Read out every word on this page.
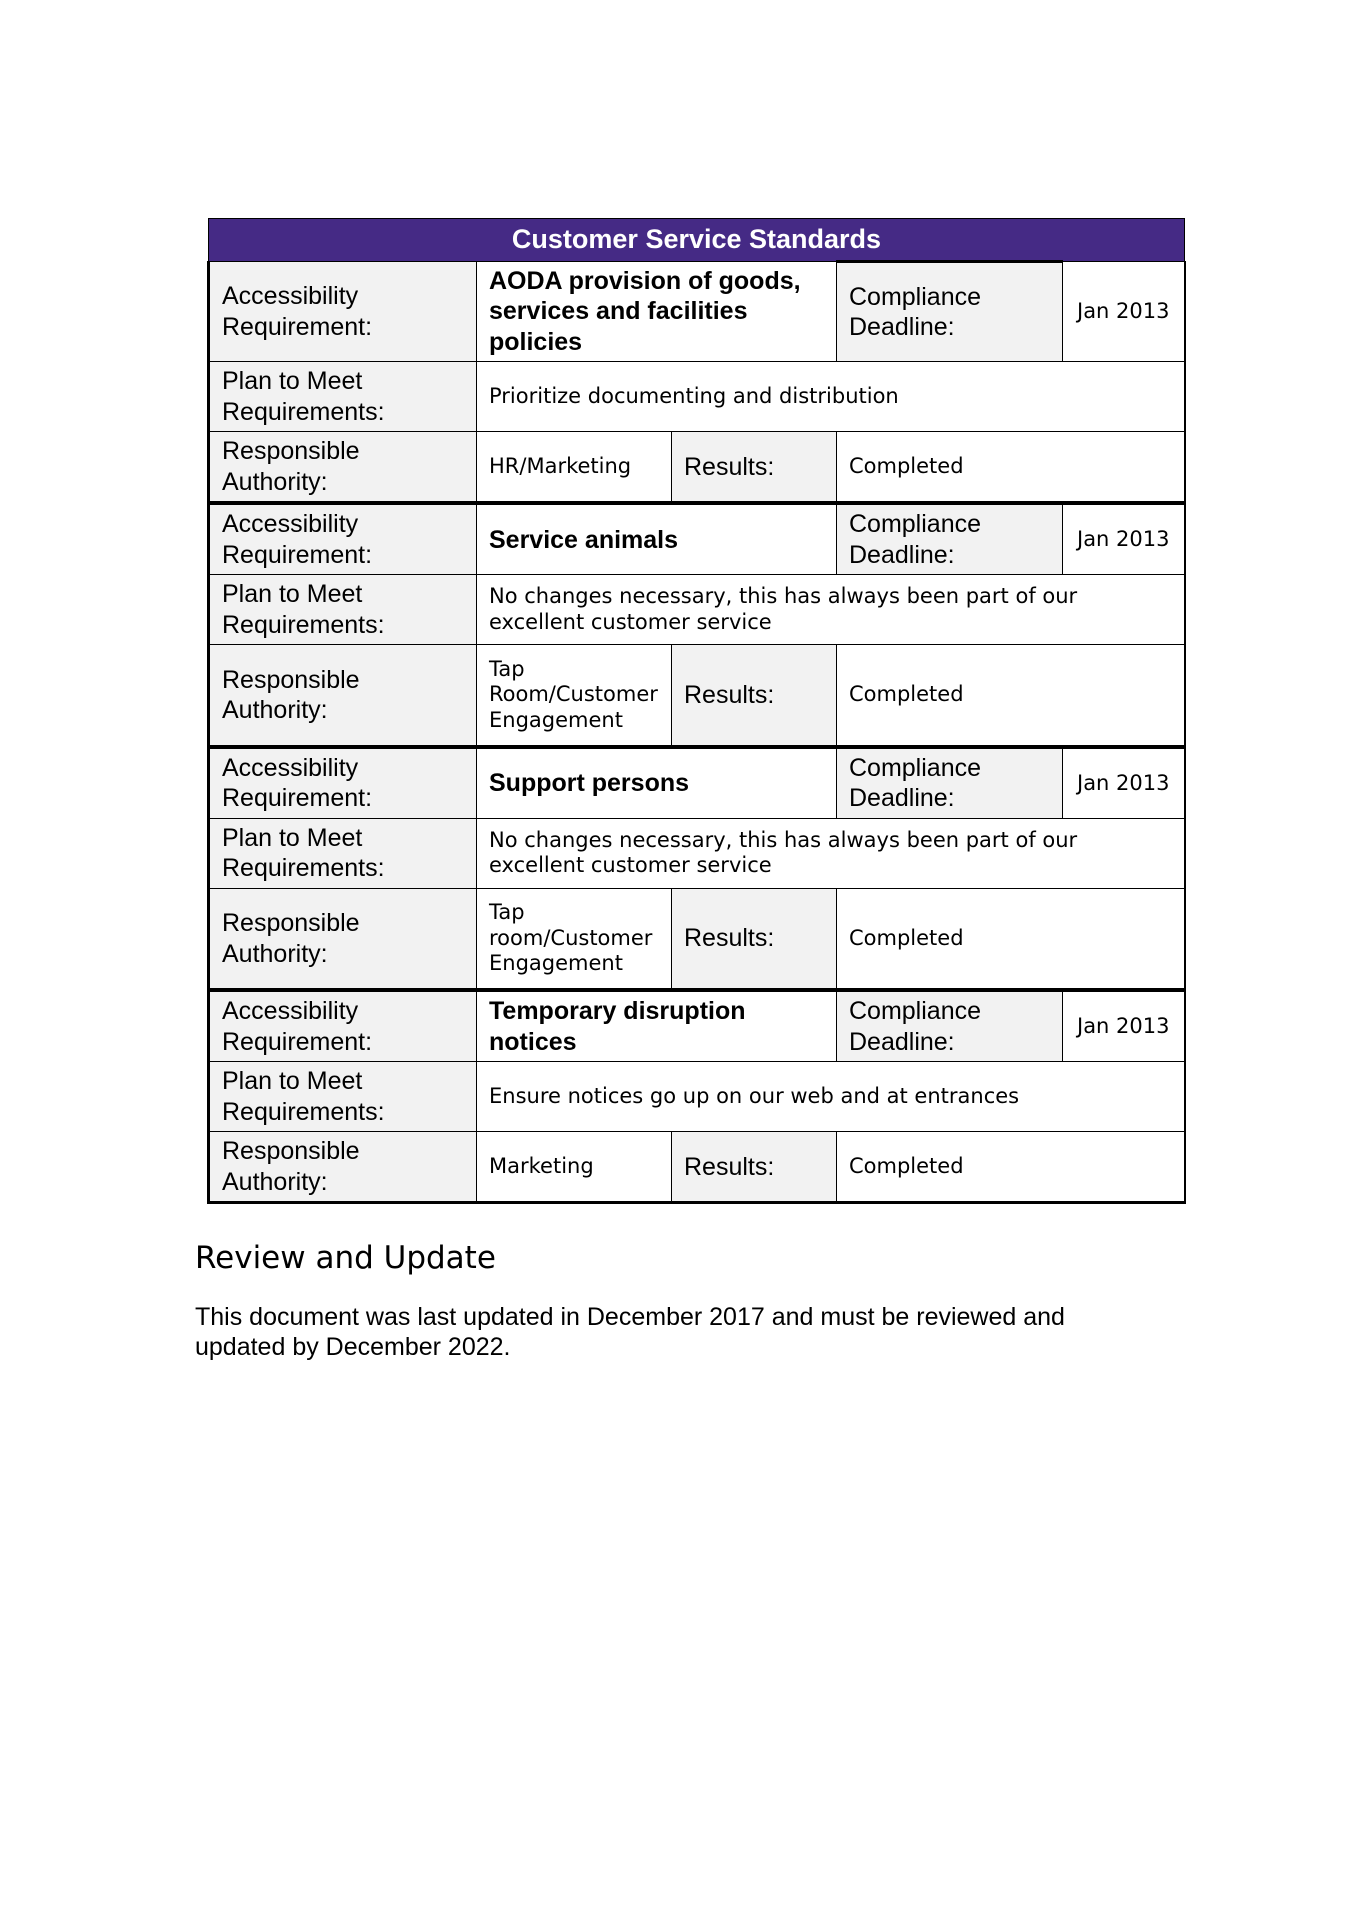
Customer Service Standards				
Accessibility Requirement:	AODA provision of goods, services and facilities policies		Compliance Deadline:	Jan 2013
Plan to Meet Requirements:	Prioritize documenting and distribution			
Responsible Authority:	HR/Marketing	Results:	Completed	
Accessibility Requirement:	Service animals		Compliance Deadline:	Jan 2013
Plan to Meet Requirements:	No changes necessary, this has always been part of our excellent customer service			
Responsible Authority:	Tap Room/Customer Engagement	Results:	Completed	
Accessibility Requirement:	Support persons		Compliance Deadline:	Jan 2013
Plan to Meet Requirements:	No changes necessary, this has always been part of our excellent customer service			
Responsible Authority:	Tap room/Customer Engagement	Results:	Completed	
Accessibility Requirement:	Temporary disruption notices		Compliance Deadline:	Jan 2013
Plan to Meet Requirements:	Ensure notices go up on our web and at entrances			
Responsible Authority:	Marketing	Results:	Completed	
Review and Update

This document was last updated in December 2017 and must be reviewed and updated by December 2022.
